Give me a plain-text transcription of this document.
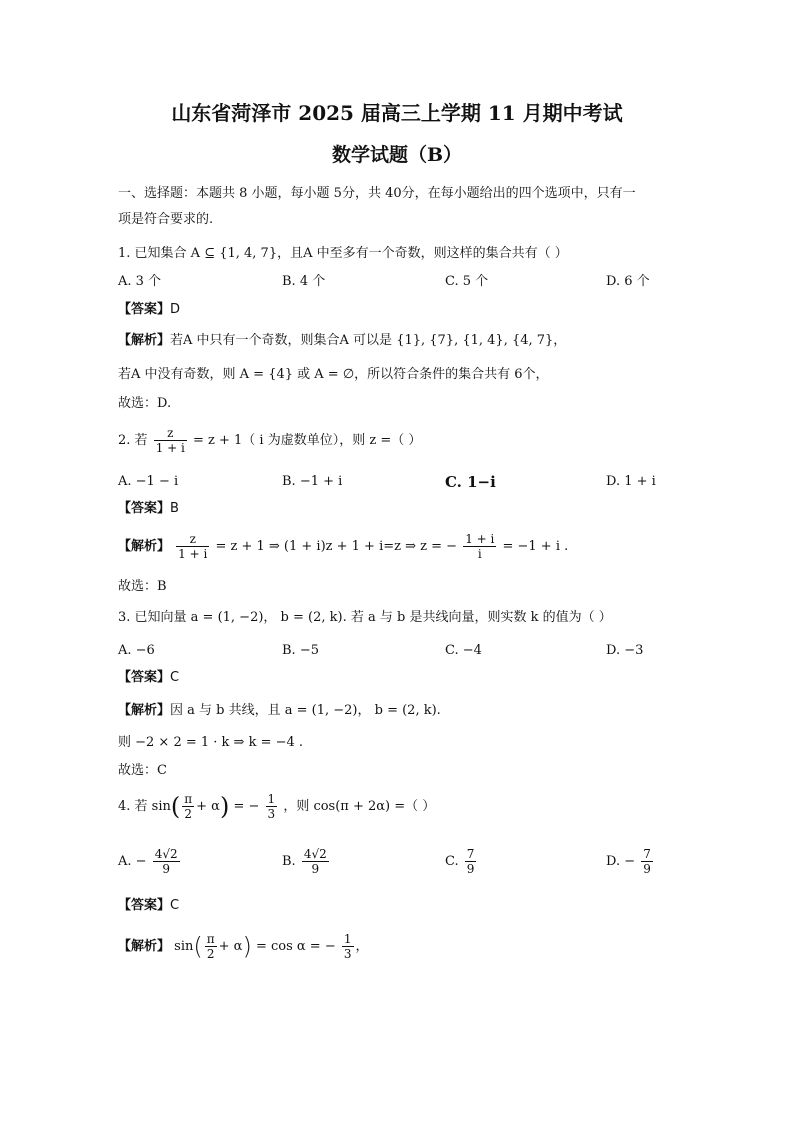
山东省菏泽市 2025 届高三上学期 11 月期中考试
数学试题（B）
一、选择题：本题共 8 小题，每小题 5分，共 40分，在每小题给出的四个选项中，只有一
项是符合要求的.
1. 已知集合 A ⊆ {1, 4, 7}，且A 中至多有一个奇数，则这样的集合共有（ ）
A. 3 个	B. 4 个	C. 5 个	D. 6 个
【答案】D
【解析】若A 中只有一个奇数，则集合A 可以是 {1}, {7}, {1, 4}, {4, 7}，
若A 中没有奇数，则 A = {4} 或 A = ∅，所以符合条件的集合共有 6个，
故选：D.
2. 若 $\frac{z}{1 + i} = z + 1$（ i 为虚数单位），则 z =（ ）
A. −1 − i	B. −1 + i	C. 1−i	D. 1 + i
【答案】B
【解析】 $\frac{z}{1 + i} = z + 1$ ⇒ (1 + i)z + 1 + i=z ⇒ z = − $\frac{1 + i}{i} = -1 + i$ .
故选：B
3. 已知向量 a = (1, −2)， b = (2, k). 若 a 与 b 是共线向量，则实数 k 的值为（ ）
A. −6	B. −5	C. −4	D. −3
【答案】C
【解析】因 a 与 b 共线，且 a = (1, −2)， b = (2, k).
则 −2 × 2 = 1 · k ⇒ k = −4 .
故选：C
4. 若 $\sin( \frac{\pi}{2} + \alpha)$ = − $\frac{1}{3}$ ，则 cos(π + 2α) =（ ）
A. − $\frac{4√2}{9}$	B. $\frac{4√2}{9}$	C. $\frac{7}{9}$	D. − $\frac{7}{9}$
【答案】C
【解析】 $\sin( \frac{\pi}{2} + \alpha) = \cos \alpha$ = − $\frac{1}{3}$ ，
